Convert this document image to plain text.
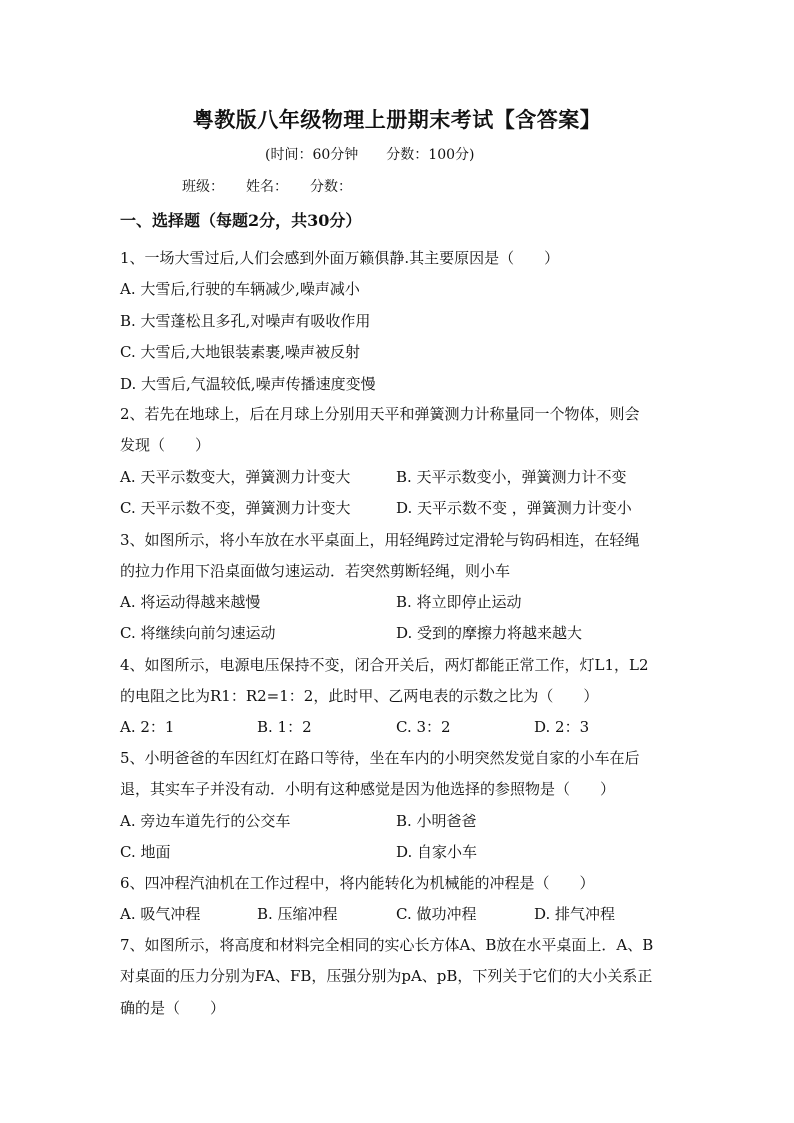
粤教版八年级物理上册期末考试【含答案】
(时间：60分钟 分数：100分)
班级： 姓名： 分数：
一、选择题（每题2分，共30分）
1、一场大雪过后,人们会感到外面万籁俱静.其主要原因是（　　）
A. 大雪后,行驶的车辆减少,噪声减小
B. 大雪蓬松且多孔,对噪声有吸收作用
C. 大雪后,大地银装素裹,噪声被反射
D. 大雪后,气温较低,噪声传播速度变慢
2、若先在地球上，后在月球上分别用天平和弹簧测力计称量同一个物体，则会
发现（　　）
A. 天平示数变大，弹簧测力计变大	B. 天平示数变小，弹簧测力计不变
C. 天平示数不变，弹簧测力计变大	D. 天平示数不变 ，弹簧测力计变小
3、如图所示，将小车放在水平桌面上，用轻绳跨过定滑轮与钩码相连，在轻绳
的拉力作用下沿桌面做匀速运动．若突然剪断轻绳，则小车
A. 将运动得越来越慢	B. 将立即停止运动
C. 将继续向前匀速运动	D. 受到的摩擦力将越来越大
4、如图所示，电源电压保持不变，闭合开关后，两灯都能正常工作，灯L1，L2
的电阻之比为R1：R2=1：2，此时甲、乙两电表的示数之比为（　　）
A. 2：1	B. 1：2	C. 3：2	D. 2：3
5、小明爸爸的车因红灯在路口等待，坐在车内的小明突然发觉自家的小车在后
退，其实车子并没有动．小明有这种感觉是因为他选择的参照物是（　　）
A. 旁边车道先行的公交车	B. 小明爸爸
C. 地面	D. 自家小车
6、四冲程汽油机在工作过程中，将内能转化为机械能的冲程是（　　）
A. 吸气冲程	B. 压缩冲程	C. 做功冲程	D. 排气冲程
7、如图所示，将高度和材料完全相同的实心长方体A、B放在水平桌面上．A、B
对桌面的压力分别为FA、FB，压强分别为pA、pB，下列关于它们的大小关系正
确的是（　　）
